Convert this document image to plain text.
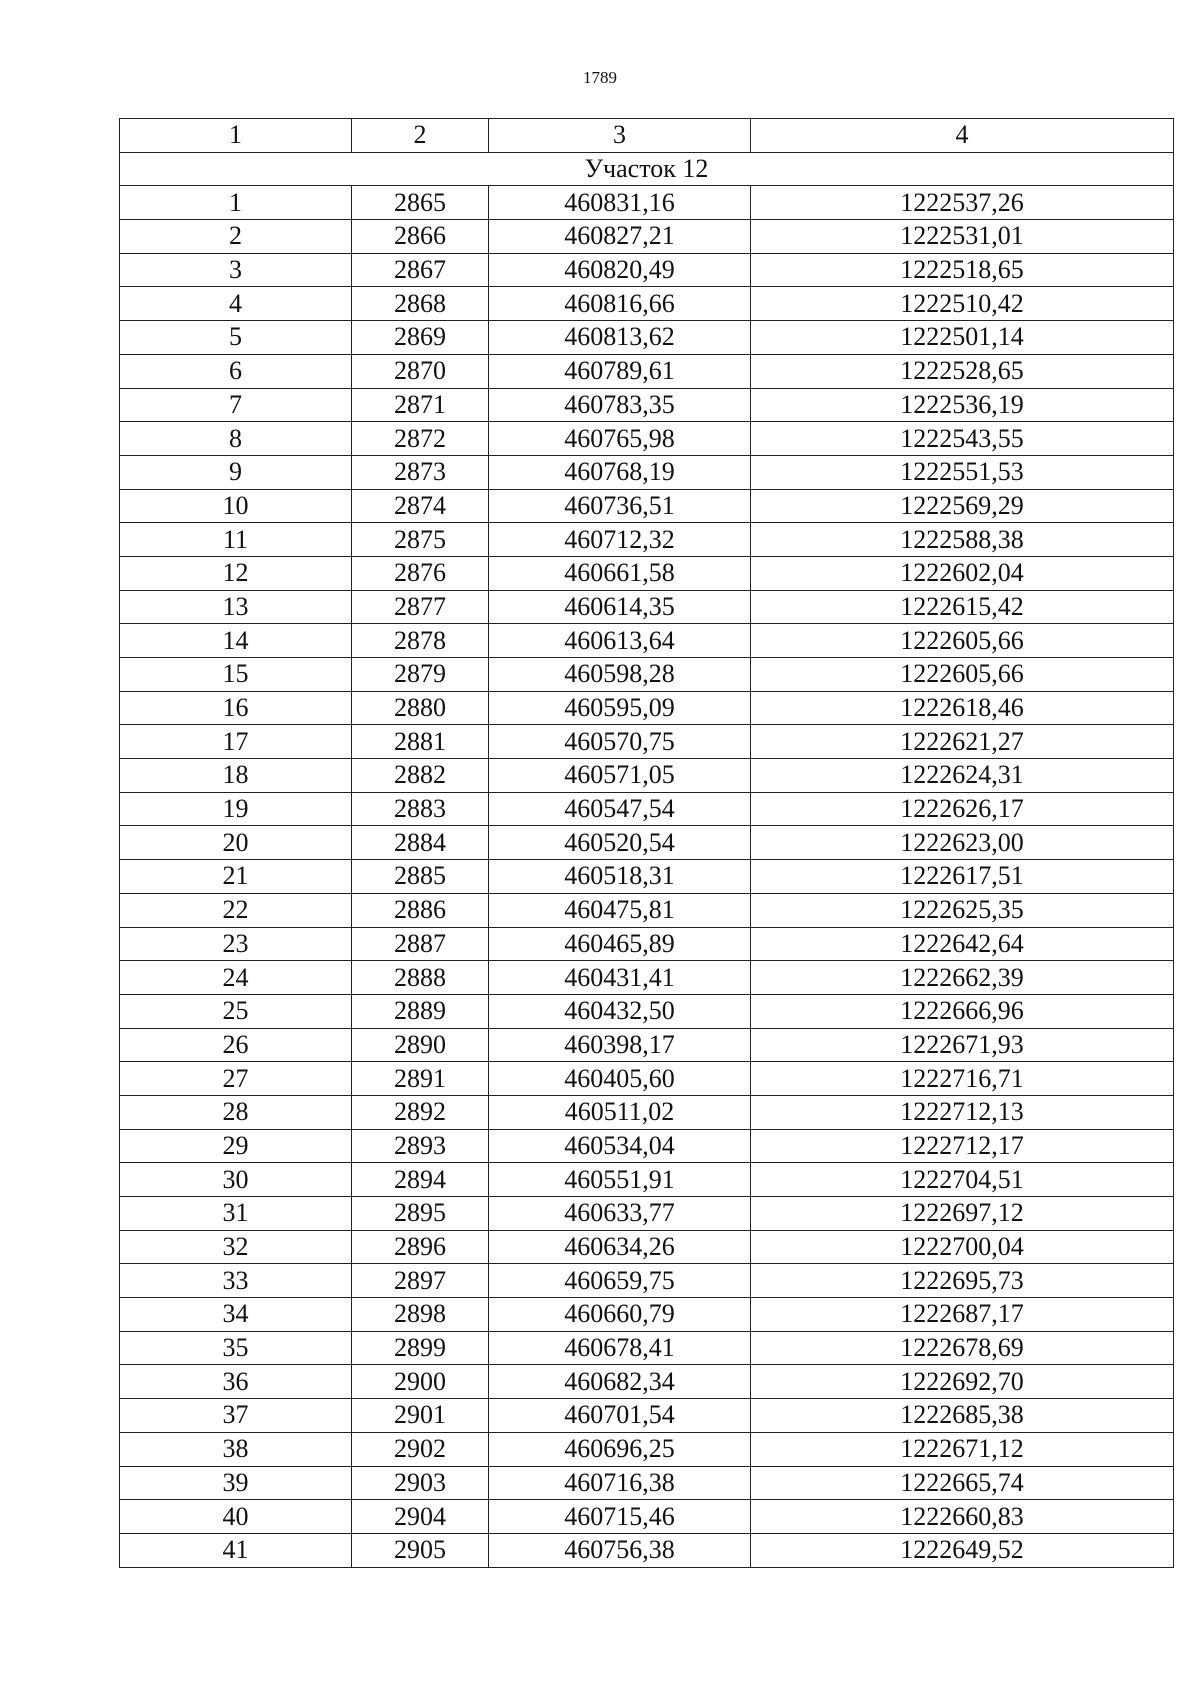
1789
1	2	3	4
Участок 12			
1	2865	460831,16	1222537,26
2	2866	460827,21	1222531,01
3	2867	460820,49	1222518,65
4	2868	460816,66	1222510,42
5	2869	460813,62	1222501,14
6	2870	460789,61	1222528,65
7	2871	460783,35	1222536,19
8	2872	460765,98	1222543,55
9	2873	460768,19	1222551,53
10	2874	460736,51	1222569,29
11	2875	460712,32	1222588,38
12	2876	460661,58	1222602,04
13	2877	460614,35	1222615,42
14	2878	460613,64	1222605,66
15	2879	460598,28	1222605,66
16	2880	460595,09	1222618,46
17	2881	460570,75	1222621,27
18	2882	460571,05	1222624,31
19	2883	460547,54	1222626,17
20	2884	460520,54	1222623,00
21	2885	460518,31	1222617,51
22	2886	460475,81	1222625,35
23	2887	460465,89	1222642,64
24	2888	460431,41	1222662,39
25	2889	460432,50	1222666,96
26	2890	460398,17	1222671,93
27	2891	460405,60	1222716,71
28	2892	460511,02	1222712,13
29	2893	460534,04	1222712,17
30	2894	460551,91	1222704,51
31	2895	460633,77	1222697,12
32	2896	460634,26	1222700,04
33	2897	460659,75	1222695,73
34	2898	460660,79	1222687,17
35	2899	460678,41	1222678,69
36	2900	460682,34	1222692,70
37	2901	460701,54	1222685,38
38	2902	460696,25	1222671,12
39	2903	460716,38	1222665,74
40	2904	460715,46	1222660,83
41	2905	460756,38	1222649,52
